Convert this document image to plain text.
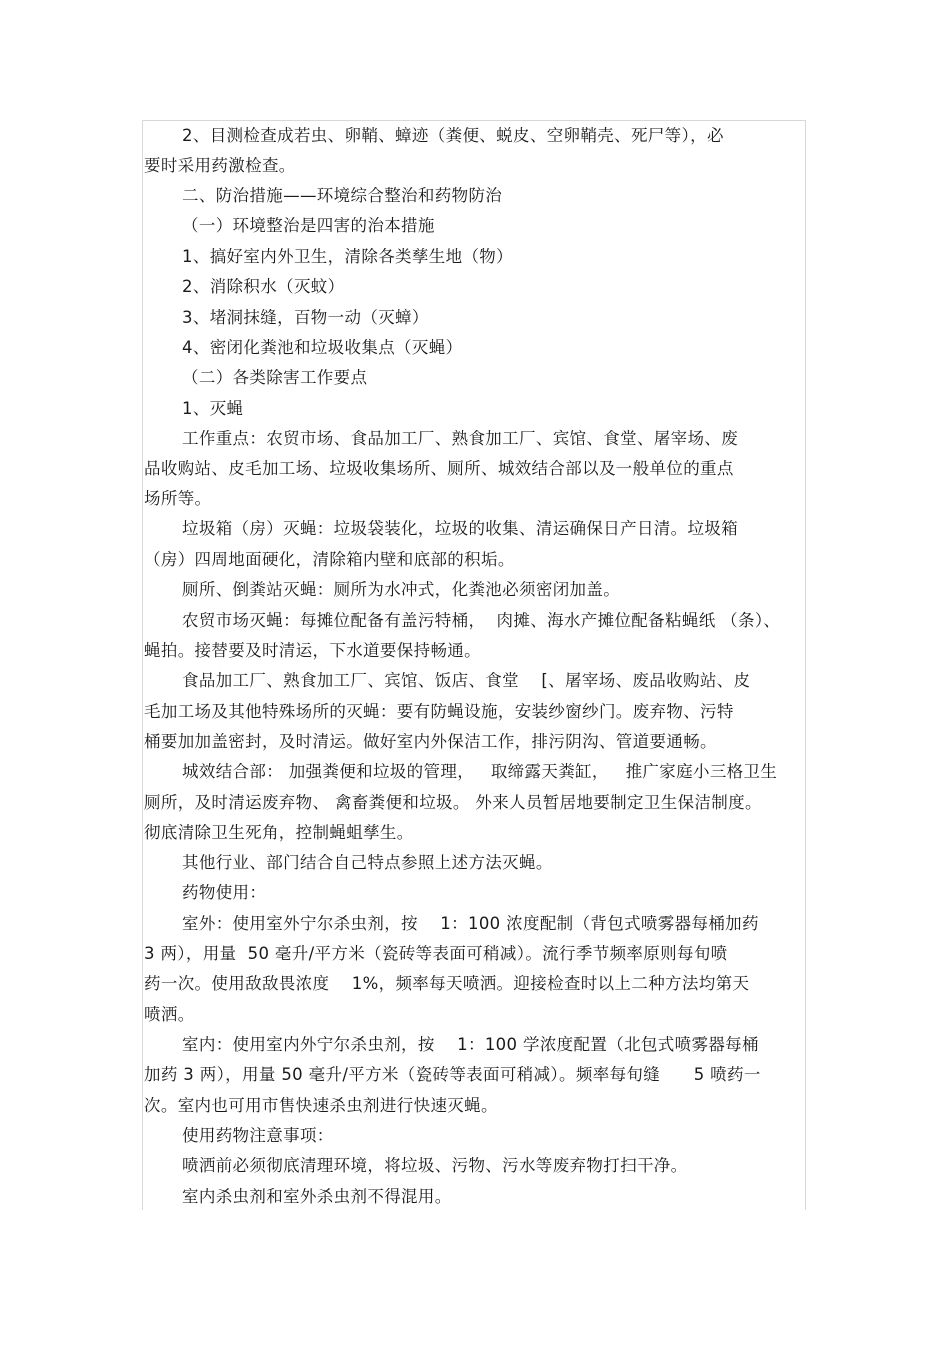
2、目测检查成若虫、卵鞘、蟑迹（粪便、蜕皮、空卵鞘壳、死尸等），必
要时采用药激检查。
二、防治措施——环境综合整治和药物防治
（一）环境整治是四害的治本措施
1、搞好室内外卫生，清除各类孳生地（物）
2、消除积水（灭蚊）
3、堵洞抹缝，百物一动（灭蟑）
4、密闭化粪池和垃圾收集点（灭蝇）
（二）各类除害工作要点
1、灭蝇
工作重点：农贸市场、食品加工厂、熟食加工厂、宾馆、食堂、屠宰场、废
品收购站、皮毛加工场、垃圾收集场所、厕所、城效结合部以及一般单位的重点
场所等。
垃圾箱（房）灭蝇：垃圾袋装化，垃圾的收集、清运确保日产日清。垃圾箱
（房）四周地面硬化，清除箱内壁和底部的积垢。
厕所、倒粪站灭蝇：厕所为水冲式，化粪池必须密闭加盖。
农贸市场灭蝇：每摊位配备有盖污特桶，  肉摊、海水产摊位配备粘蝇纸 （条）、
蝇拍。接替要及时清运，下水道要保持畅通。
食品加工厂、熟食加工厂、宾馆、饭店、食堂    [、屠宰场、废品收购站、皮
毛加工场及其他特殊场所的灭蝇：要有防蝇设施，安装纱窗纱门。废弃物、污特
桶要加加盖密封，及时清运。做好室内外保洁工作，排污阴沟、管道要通畅。
城效结合部： 加强粪便和垃圾的管理，   取缔露天粪缸，   推广家庭小三格卫生
厕所，及时清运废弃物、 禽畜粪便和垃圾。 外来人员暂居地要制定卫生保洁制度。
彻底清除卫生死角，控制蝇蛆孳生。
其他行业、部门结合自己特点参照上述方法灭蝇。
药物使用：
室外：使用室外宁尔杀虫剂，按    1：100 浓度配制（背包式喷雾器每桶加药
3 两），用量  50 毫升/平方米（瓷砖等表面可稍减）。流行季节频率原则每旬喷
药一次。使用敌敌畏浓度    1%，频率每天喷洒。迎接检查时以上二种方法均第天
喷洒。
室内：使用室内外宁尔杀虫剂，按    1：100 学浓度配置（北包式喷雾器每桶
加药 3 两），用量 50 毫升/平方米（瓷砖等表面可稍减）。频率每旬缝      5 喷药一
次。室内也可用市售快速杀虫剂进行快速灭蝇。
使用药物注意事项：
喷洒前必须彻底清理环境，将垃圾、污物、污水等废弃物打扫干净。
室内杀虫剂和室外杀虫剂不得混用。
